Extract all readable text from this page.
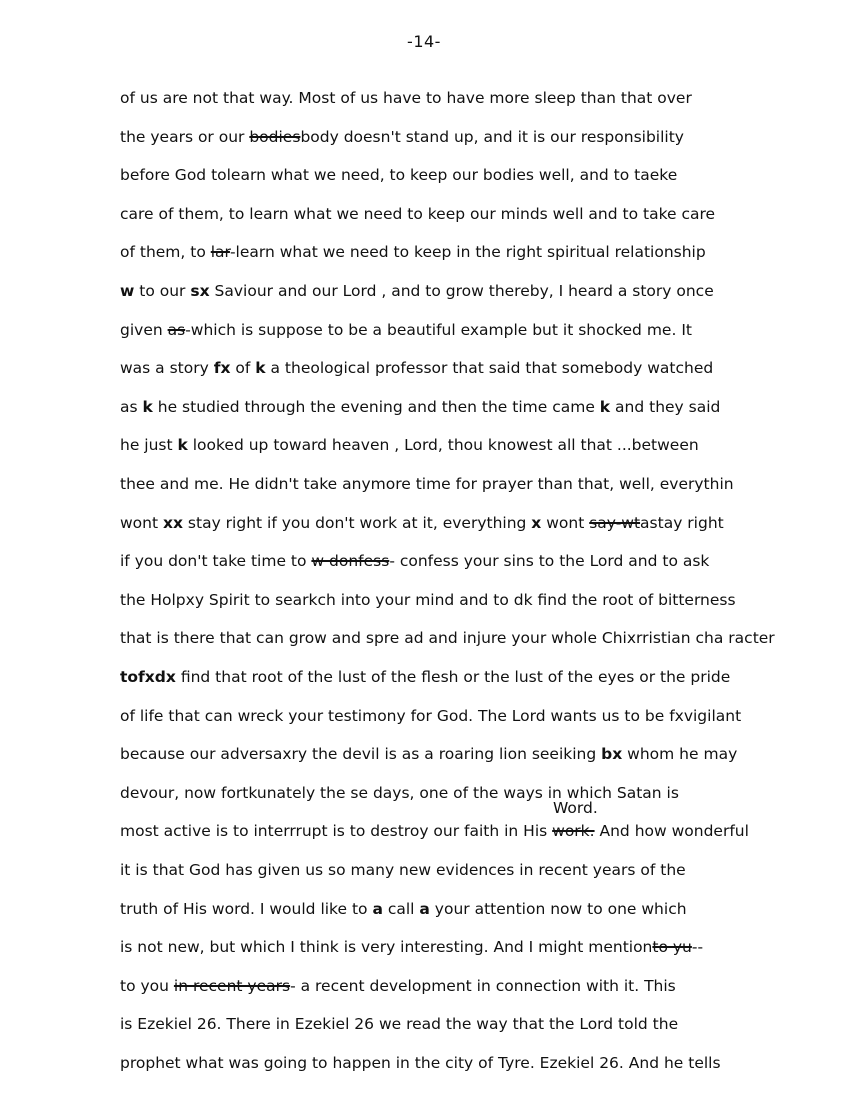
-14-
of us are not that way. Most of us have to have more sleep than that over
the years or our bodiesbody doesn't stand up, and it is our responsibility
before God tolearn what we need, to keep our bodies well, and to taeke
care of them, to learn what we need to keep our minds well and to take care
of them, to lar-learn what we need to keep in the right spiritual relationship
w to our sx Saviour and our Lord , and to grow thereby, I heard a story once
given as-which is suppose to be a beautiful example but it shocked me. It
was a story fx of k a theological professor that said that somebody watched
as k he studied through the evening and then the time came k and they said
he just k looked up toward heaven , Lord, thou knowest all that ...between
thee and me. He didn't take anymore time for prayer than that, well, everythin
wont xx stay right if you don't work at it, everything x wont say-wtastay right
if you don't take time to w donfess- confess your sins to the Lord and to ask
the Holpxy Spirit to searkch into your mind and to dk find the root of bitterness
that is there that can grow and spre ad and injure your whole Chixrristian cha racter
tofxdx find that root of the lust of the flesh or the lust of the eyes or the pride
of life that can wreck your testimony for God. The Lord wants us to be fxvigilant
because our adversaxry the devil is as a roaring lion seeiking bx whom he may
devour, now fortkunately the se days, one of the ways in which Satan is
most active is to interrrupt is to destroy our faith in His work. And how wonderful
it is that God has given us so many new evidences in recent years of the
truth of His word. I would like to a call a your attention now to one which
is not new, but which I think is very interesting. And I might mentionto yu--
to you in recent years- a recent development in connection with it. This
is Ezekiel 26. There in Ezekiel 26 we read the way that the Lord told the
prophet what was going to happen in the city of Tyre. Ezekiel 26. And he tells
Word.
